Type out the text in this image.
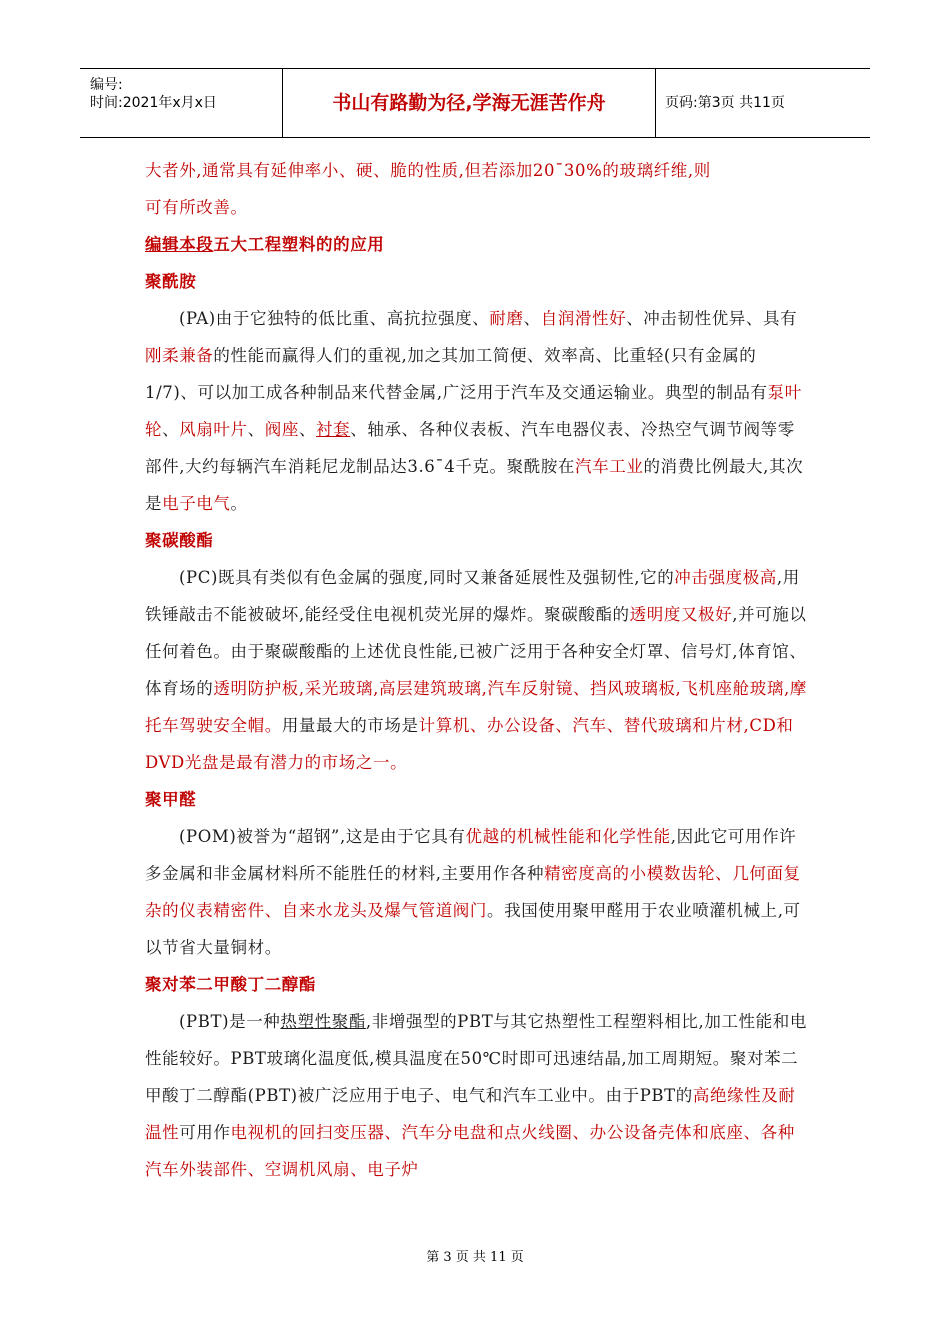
编号:
时间:2021年x月x日	书山有路勤为径,学海无涯苦作舟	页码:第3页 共11页

大者外,通常具有延伸率小、硬、脆的性质,但若添加20¯30%的玻璃纤维,则

可有所改善。

编辑本段五大工程塑料的的应用

聚酰胺

(PA)由于它独特的低比重、高抗拉强度、耐磨、自润滑性好、冲击韧性优异、具有刚柔兼备的性能而赢得人们的重视,加之其加工简便、效率高、比重轻(只有金属的1/7)、可以加工成各种制品来代替金属,广泛用于汽车及交通运输业。典型的制品有泵叶轮、风扇叶片、阀座、衬套、轴承、各种仪表板、汽车电器仪表、冷热空气调节阀等零部件,大约每辆汽车消耗尼龙制品达3.6¯4千克。聚酰胺在汽车工业的消费比例最大,其次是电子电气。

聚碳酸酯

(PC)既具有类似有色金属的强度,同时又兼备延展性及强韧性,它的冲击强度极高,用铁锤敲击不能被破坏,能经受住电视机荧光屏的爆炸。聚碳酸酯的透明度又极好,并可施以任何着色。由于聚碳酸酯的上述优良性能,已被广泛用于各种安全灯罩、信号灯,体育馆、体育场的透明防护板,采光玻璃,高层建筑玻璃,汽车反射镜、挡风玻璃板,飞机座舱玻璃,摩托车驾驶安全帽。用量最大的市场是计算机、办公设备、汽车、替代玻璃和片材,CD和DVD光盘是最有潜力的市场之一。

聚甲醛

(POM)被誉为“超钢”,这是由于它具有优越的机械性能和化学性能,因此它可用作许多金属和非金属材料所不能胜任的材料,主要用作各种精密度高的小模数齿轮、几何面复杂的仪表精密件、自来水龙头及爆气管道阀门。我国使用聚甲醛用于农业喷灌机械上,可以节省大量铜材。

聚对苯二甲酸丁二醇酯

(PBT)是一种热塑性聚酯,非增强型的PBT与其它热塑性工程塑料相比,加工性能和电性能较好。PBT玻璃化温度低,模具温度在50℃时即可迅速结晶,加工周期短。聚对苯二甲酸丁二醇酯(PBT)被广泛应用于电子、电气和汽车工业中。由于PBT的高绝缘性及耐温性可用作电视机的回扫变压器、汽车分电盘和点火线圈、办公设备壳体和底座、各种汽车外装部件、空调机风扇、电子炉

第 3 页 共 11 页
